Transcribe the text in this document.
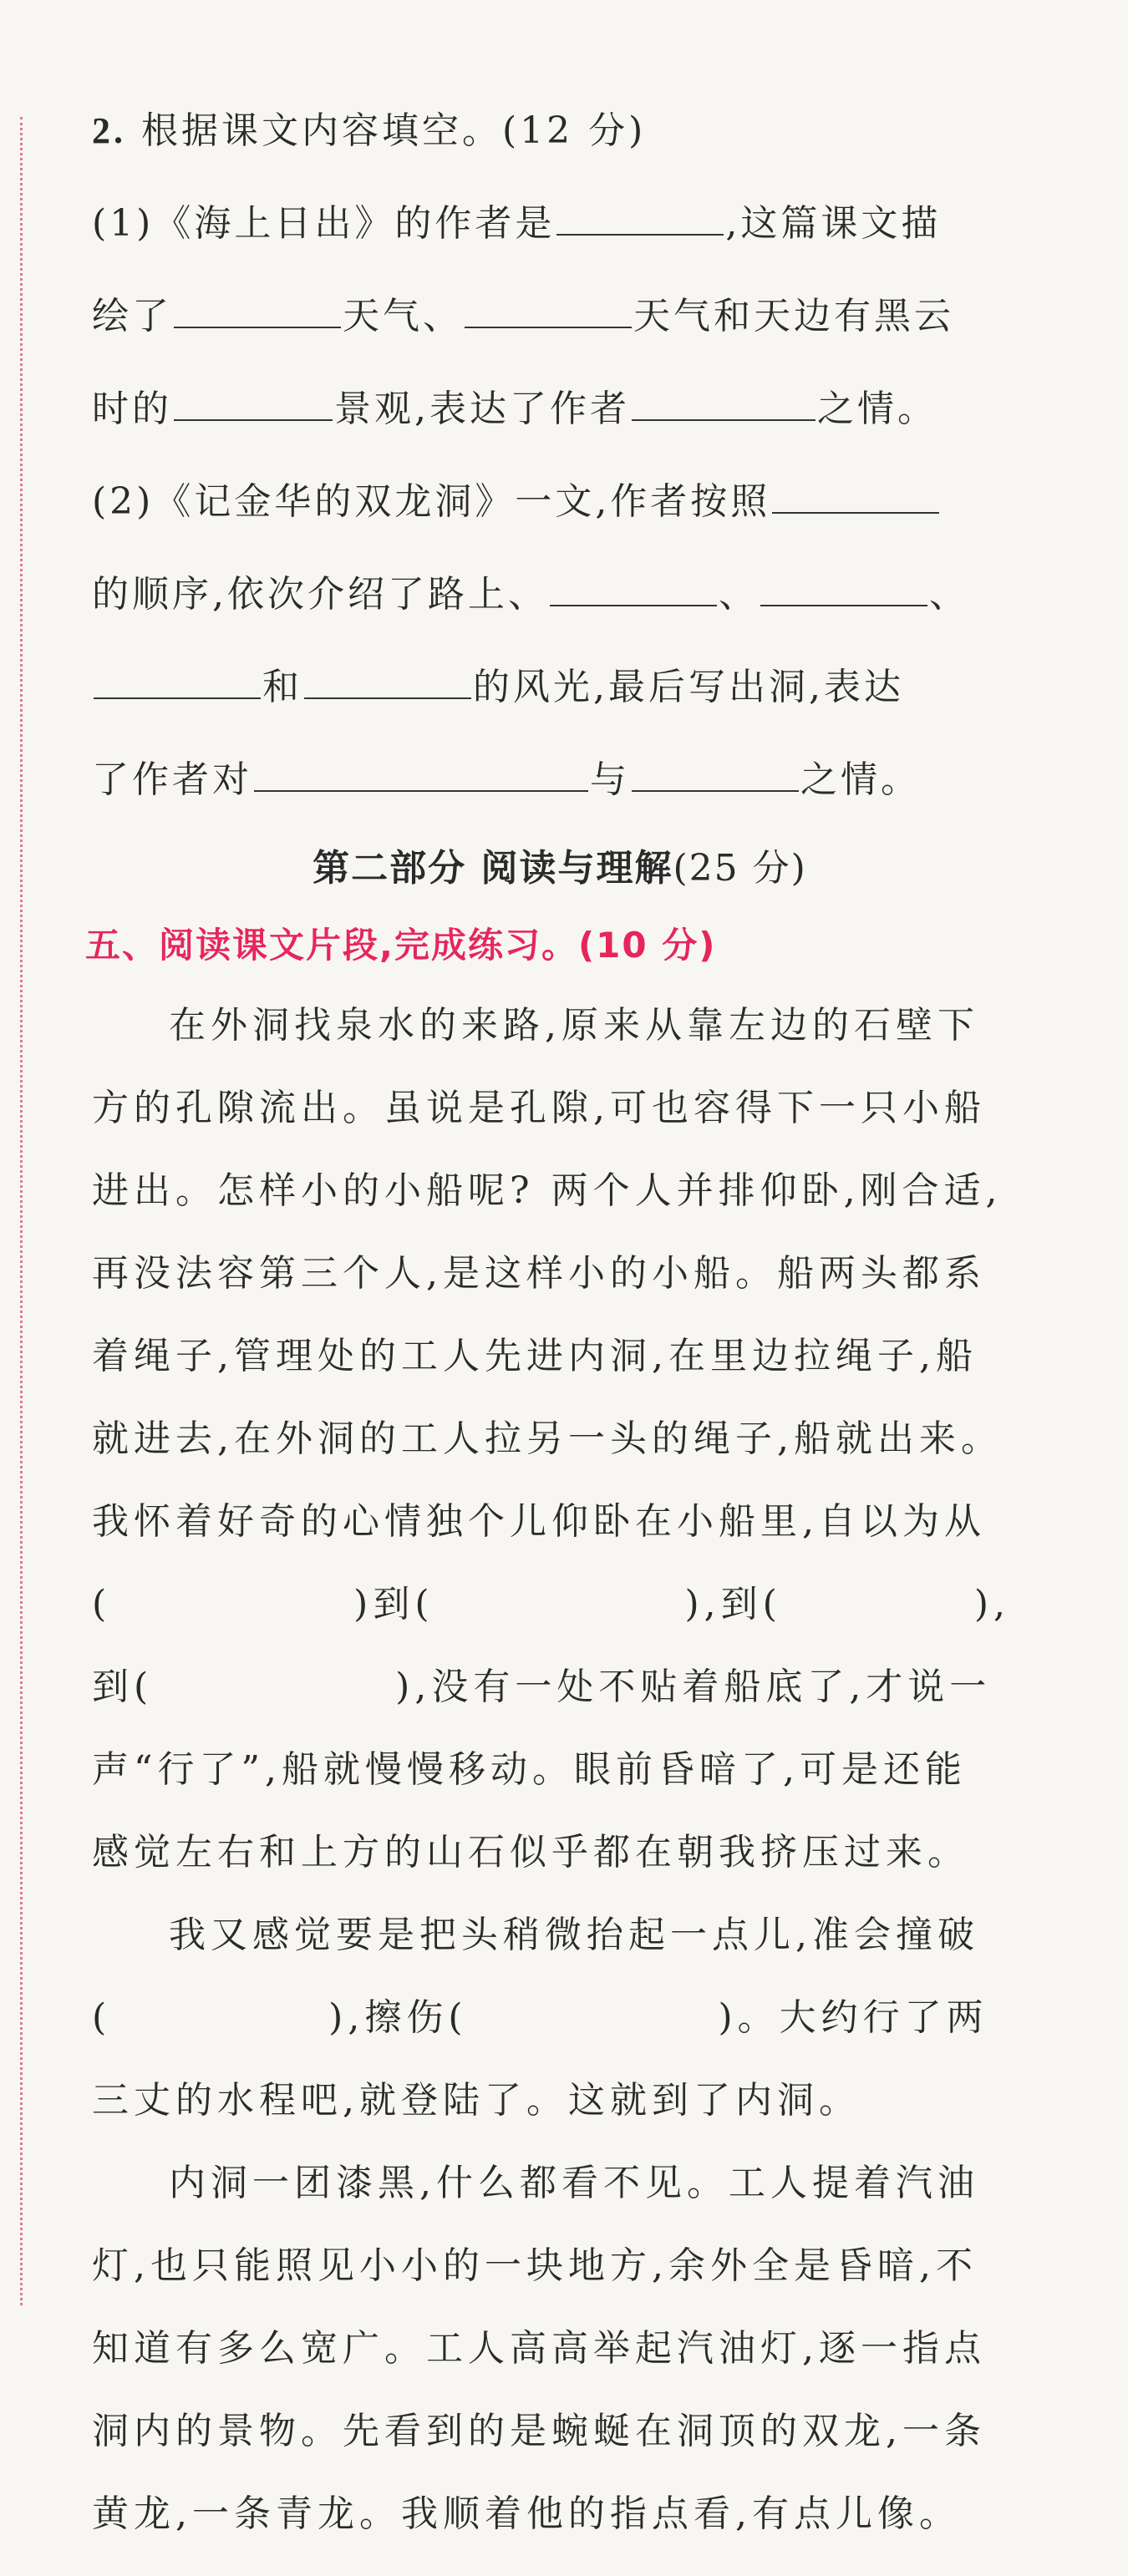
2. 根据课文内容填空。(12 分)
(1)《海上日出》的作者是	,这篇课文描
绘了	天气、	天气和天边有黑云
时的	景观,表达了作者	之情。
(2)《记金华的双龙洞》一文,作者按照
的顺序,依次介绍了路上、	、	、
和	的风光,最后写出洞,表达
了作者对	与	之情。
第二部分 阅读与理解(25 分)
五、阅读课文片段,完成练习。(10 分)
在外洞找泉水的来路,原来从靠左边的石壁下
方的孔隙流出。虽说是孔隙,可也容得下一只小船
进出。怎样小的小船呢? 两个人并排仰卧,刚合适,
再没法容第三个人,是这样小的小船。船两头都系
着绳子,管理处的工人先进内洞,在里边拉绳子,船
就进去,在外洞的工人拉另一头的绳子,船就出来。
我怀着好奇的心情独个儿仰卧在小船里,自以为从
(	)到(	),到(	),
到(	),没有一处不贴着船底了,才说一
声“行了”,船就慢慢移动。眼前昏暗了,可是还能
感觉左右和上方的山石似乎都在朝我挤压过来。
我又感觉要是把头稍微抬起一点儿,准会撞破
(	),擦伤(	)。大约行了两
三丈的水程吧,就登陆了。这就到了内洞。
内洞一团漆黑,什么都看不见。工人提着汽油
灯,也只能照见小小的一块地方,余外全是昏暗,不
知道有多么宽广。工人高高举起汽油灯,逐一指点
洞内的景物。先看到的是蜿蜒在洞顶的双龙,一条
黄龙,一条青龙。我顺着他的指点看,有点儿像。
